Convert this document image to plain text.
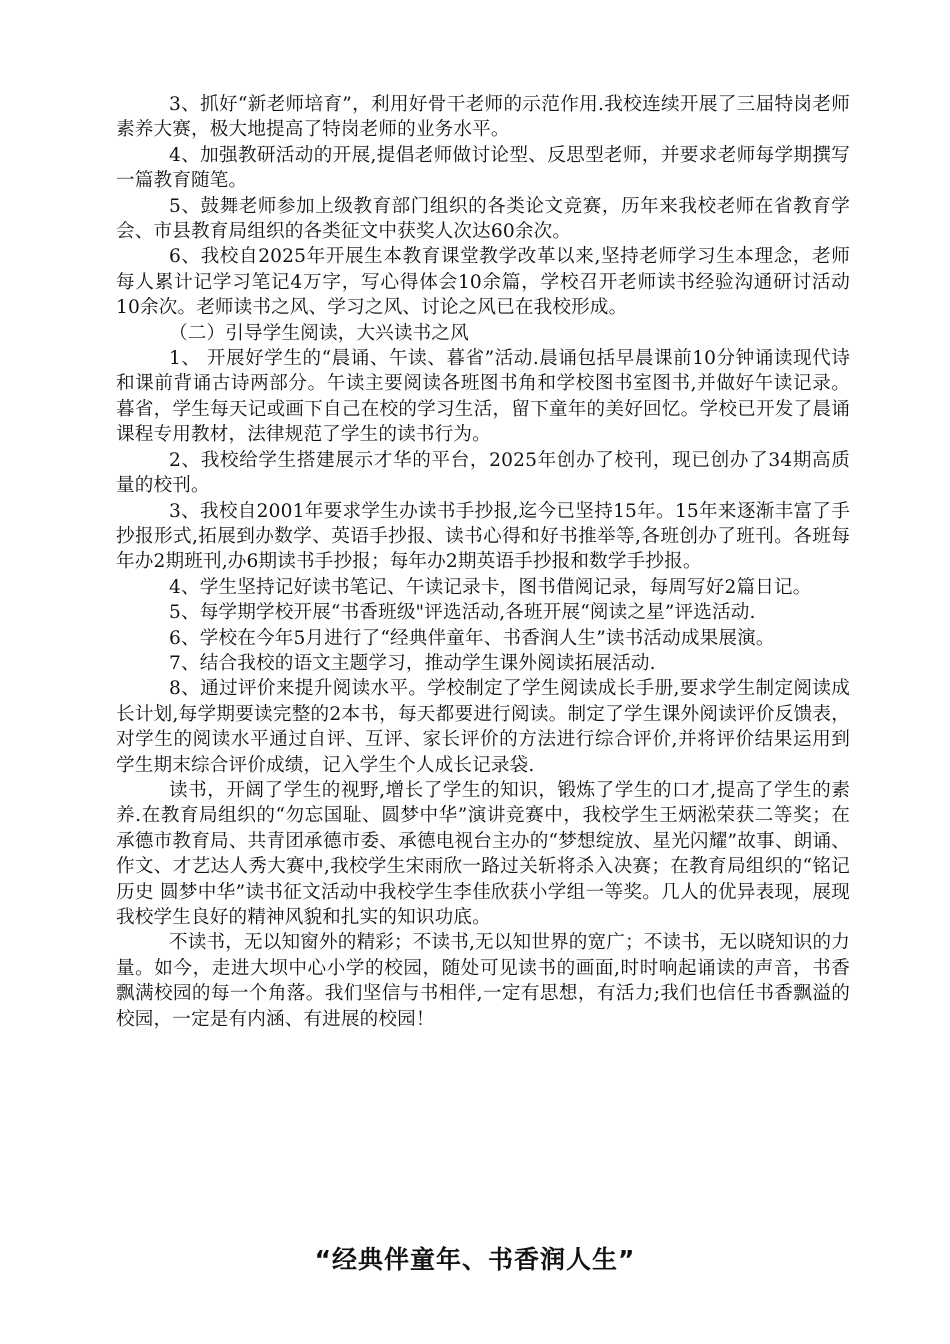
3、抓好“新老师培育”，利用好骨干老师的示范作用.我校连续开展了三届特岗老师素养大赛，极大地提高了特岗老师的业务水平。

4、加强教研活动的开展,提倡老师做讨论型、反思型老师，并要求老师每学期撰写一篇教育随笔。

5、鼓舞老师参加上级教育部门组织的各类论文竞赛，历年来我校老师在省教育学会、市县教育局组织的各类征文中获奖人次达60余次。

6、我校自2025年开展生本教育课堂教学改革以来,坚持老师学习生本理念，老师每人累计记学习笔记4万字，写心得体会10余篇，学校召开老师读书经验沟通研讨活动10余次。老师读书之风、学习之风、讨论之风已在我校形成。

（二）引导学生阅读，大兴读书之风

1、 开展好学生的“晨诵、午读、暮省”活动.晨诵包括早晨课前10分钟诵读现代诗和课前背诵古诗两部分。午读主要阅读各班图书角和学校图书室图书,并做好午读记录。暮省，学生每天记或画下自己在校的学习生活，留下童年的美好回忆。学校已开发了晨诵课程专用教材，法律规范了学生的读书行为。

2、我校给学生搭建展示才华的平台，2025年创办了校刊，现已创办了34期高质量的校刊。

3、我校自2001年要求学生办读书手抄报,迄今已坚持15年。15年来逐渐丰富了手抄报形式,拓展到办数学、英语手抄报、读书心得和好书推举等,各班创办了班刊。各班每年办2期班刊,办6期读书手抄报；每年办2期英语手抄报和数学手抄报。

4、学生坚持记好读书笔记、午读记录卡，图书借阅记录，每周写好2篇日记。

5、每学期学校开展“书香班级"评选活动,各班开展“阅读之星”评选活动.

6、学校在今年5月进行了“经典伴童年、书香润人生”读书活动成果展演。

7、结合我校的语文主题学习，推动学生课外阅读拓展活动.

8、通过评价来提升阅读水平。学校制定了学生阅读成长手册,要求学生制定阅读成长计划,每学期要读完整的2本书，每天都要进行阅读。制定了学生课外阅读评价反馈表，对学生的阅读水平通过自评、互评、家长评价的方法进行综合评价,并将评价结果运用到学生期末综合评价成绩，记入学生个人成长记录袋.

读书，开阔了学生的视野,增长了学生的知识，锻炼了学生的口才,提高了学生的素养.在教育局组织的“勿忘国耻、圆梦中华”演讲竞赛中，我校学生王炳淞荣获二等奖；在承德市教育局、共青团承德市委、承德电视台主办的“梦想绽放、星光闪耀”故事、朗诵、作文、才艺达人秀大赛中,我校学生宋雨欣一路过关斩将杀入决赛；在教育局组织的“铭记历史 圆梦中华”读书征文活动中我校学生李佳欣获小学组一等奖。几人的优异表现，展现我校学生良好的精神风貌和扎实的知识功底。

不读书，无以知窗外的精彩；不读书,无以知世界的宽广；不读书，无以晓知识的力量。如今，走进大坝中心小学的校园，随处可见读书的画面,时时响起诵读的声音，书香飘满校园的每一个角落。我们坚信与书相伴,一定有思想，有活力;我们也信任书香飘溢的校园，一定是有内涵、有进展的校园！

“经典伴童年、书香润人生”
